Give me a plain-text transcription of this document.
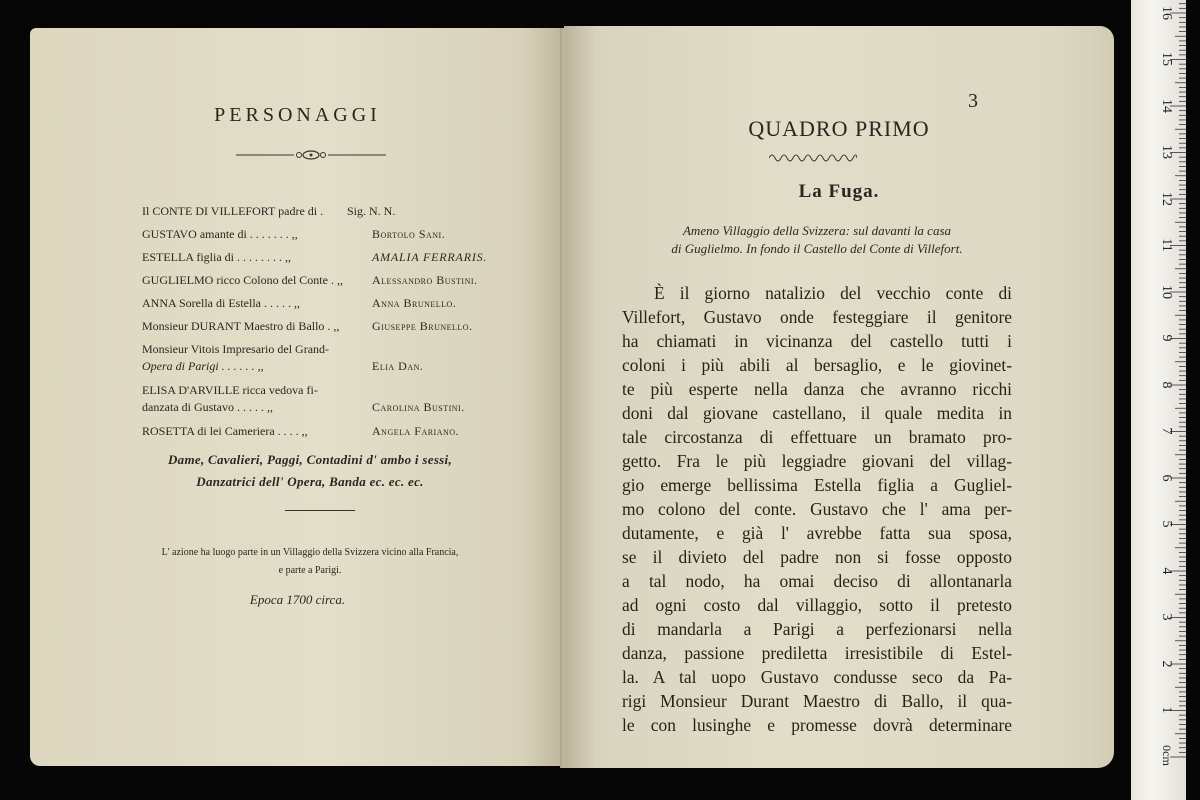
PERSONAGGI
Il CONTE DI VILLEFORT padre di . Sig. N. N.
GUSTAVO amante di . . . . . . . ,,	Bortolo Sani.
ESTELLA figlia di . . . . . . . . ,,	AMALIA FERRARIS.
GUGLIELMO ricco Colono del Conte . ,, Alessandro Bustini.
ANNA Sorella di Estella . . . . . ,,	Anna Brunello.
Monsieur DURANT Maestro di Ballo . ,,	Giuseppe Brunello.
Monsieur Vitois Impresario del Grand-
Opera di Parigi . . . . . . ,,	Elia Dan.
ELISA D'ARVILLE ricca vedova fi-
danzata di Gustavo . . . . . ,,	Carolina Bustini.
ROSETTA di lei Cameriera . . . . ,,	Angela Fariano.
Dame, Cavalieri, Paggi, Contadini d' ambo i sessi,
Danzatrici dell' Opera, Banda ec. ec. ec.
L' azione ha luogo parte in un Villaggio della Svizzera vicino alla Francia,
e parte a Parigi.
Epoca 1700 circa.
3
QUADRO PRIMO
La Fuga.
Ameno Villaggio della Svizzera: sul davanti la casa
di Guglielmo. In fondo il Castello del Conte di Villefort.
È il giorno natalizio del vecchio conte di
Villefort, Gustavo onde festeggiare il genitore
ha chiamati in vicinanza del castello tutti i
coloni i più abili al bersaglio, e le giovinet-
te più esperte nella danza che avranno ricchi
doni dal giovane castellano, il quale medita in
tale circostanza di effettuare un bramato pro-
getto. Fra le più leggiadre giovani del villag-
gio emerge bellissima Estella figlia a Gugliel-
mo colono del conte. Gustavo che l' ama per-
dutamente, e già l' avrebbe fatta sua sposa,
se il divieto del padre non si fosse opposto
a tal nodo, ha omai deciso di allontanarla
ad ogni costo dal villaggio, sotto il pretesto
di mandarla a Parigi a perfezionarsi nella
danza, passione prediletta irresistibile di Estel-
la. A tal uopo Gustavo condusse seco da Pa-
rigi Monsieur Durant Maestro di Ballo, il qua-
le con lusinghe e promesse dovrà determinare
16
15
14
13
12
11
10
9
8
7
6
5
4
3
2
1
0cm
